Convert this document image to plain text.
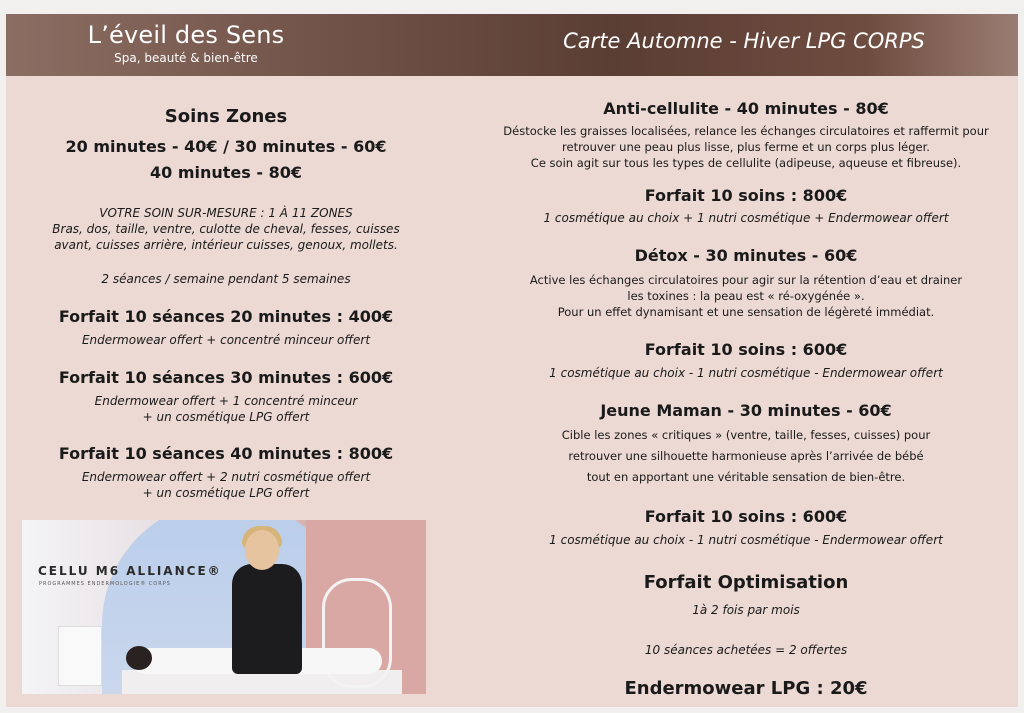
L’éveil des Sens
Spa, beauté & bien-être
Carte Automne - Hiver LPG CORPS
Soins Zones
20 minutes - 40€ / 30 minutes - 60€
40 minutes - 80€
VOTRE SOIN SUR-MESURE : 1 À 11 ZONES
Bras, dos, taille, ventre, culotte de cheval, fesses, cuisses
avant, cuisses arrière, intérieur cuisses, genoux, mollets.
2 séances / semaine pendant 5 semaines
Forfait 10 séances 20 minutes : 400€
Endermowear offert + concentré minceur offert
Forfait 10 séances 30 minutes : 600€
Endermowear offert + 1 concentré minceur
+ un cosmétique LPG offert
Forfait 10 séances 40 minutes : 800€
Endermowear offert + 2 nutri cosmétique offert
+ un cosmétique LPG offert
CELLU M6 ALLIANCE®
PROGRAMMES ENDERMOLOGIE® CORPS
Anti-cellulite - 40 minutes - 80€
Déstocke les graisses localisées, relance les échanges circulatoires et raffermit pour
retrouver une peau plus lisse, plus ferme et un corps plus léger.
Ce soin agit sur tous les types de cellulite (adipeuse, aqueuse et fibreuse).
Forfait 10 soins : 800€
1 cosmétique au choix + 1 nutri cosmétique + Endermowear offert
Détox - 30 minutes - 60€
Active les échanges circulatoires pour agir sur la rétention d’eau et drainer
les toxines : la peau est « ré-oxygénée ».
Pour un effet dynamisant et une sensation de légèreté immédiat.
Forfait 10 soins : 600€
1 cosmétique au choix - 1 nutri cosmétique - Endermowear offert
Jeune Maman - 30 minutes - 60€
Cible les zones « critiques » (ventre, taille, fesses, cuisses) pour
retrouver une silhouette harmonieuse après l’arrivée de bébé
tout en apportant une véritable sensation de bien-être.
Forfait 10 soins : 600€
1 cosmétique au choix - 1 nutri cosmétique - Endermowear offert
Forfait Optimisation
1à 2 fois par mois
10 séances achetées = 2 offertes
Endermowear LPG : 20€
